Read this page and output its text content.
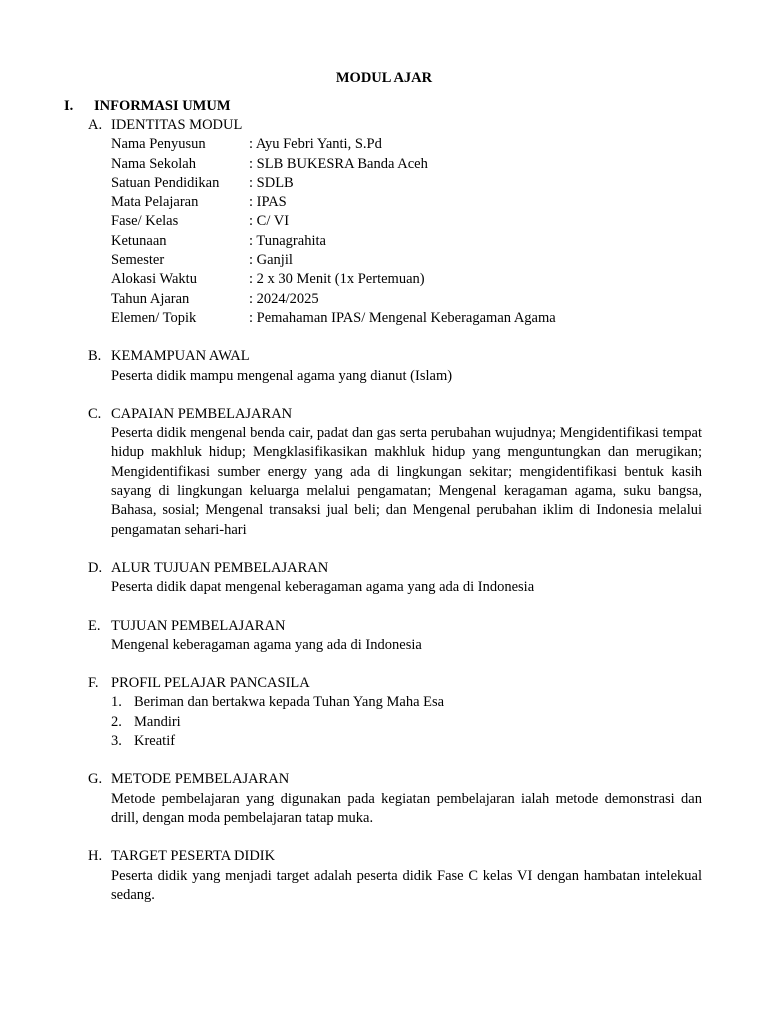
MODUL AJAR
I. INFORMASI UMUM
A. IDENTITAS MODUL
Nama Penyusun	: Ayu Febri Yanti, S.Pd
Nama Sekolah	: SLB BUKESRA Banda Aceh
Satuan Pendidikan	: SDLB
Mata Pelajaran	: IPAS
Fase/ Kelas	: C/ VI
Ketunaan	: Tunagrahita
Semester	: Ganjil
Alokasi Waktu	: 2 x 30 Menit (1x Pertemuan)
Tahun Ajaran	: 2024/2025
Elemen/ Topik	: Pemahaman IPAS/ Mengenal Keberagaman Agama
B. KEMAMPUAN AWAL
Peserta didik mampu mengenal agama yang dianut (Islam)
C. CAPAIAN PEMBELAJARAN
Peserta didik mengenal benda cair, padat dan gas serta perubahan wujudnya; Mengidentifikasi tempat hidup makhluk hidup; Mengklasifikasikan makhluk hidup yang menguntungkan dan merugikan; Mengidentifikasi sumber energy yang ada di lingkungan sekitar; mengidentifikasi bentuk kasih sayang di lingkungan keluarga melalui pengamatan; Mengenal keragaman agama, suku bangsa, Bahasa, sosial; Mengenal transaksi jual beli; dan Mengenal perubahan iklim di Indonesia melalui pengamatan sehari-hari
D. ALUR TUJUAN PEMBELAJARAN
Peserta didik dapat mengenal keberagaman agama yang ada di Indonesia
E. TUJUAN PEMBELAJARAN
Mengenal keberagaman agama yang ada di Indonesia
F. PROFIL PELAJAR PANCASILA
1. Beriman dan bertakwa kepada Tuhan Yang Maha Esa
2. Mandiri
3. Kreatif
G. METODE PEMBELAJARAN
Metode pembelajaran yang digunakan pada kegiatan pembelajaran ialah metode demonstrasi dan drill, dengan moda pembelajaran tatap muka.
H. TARGET PESERTA DIDIK
Peserta didik yang menjadi target adalah peserta didik Fase C kelas VI dengan hambatan intelekual sedang.
